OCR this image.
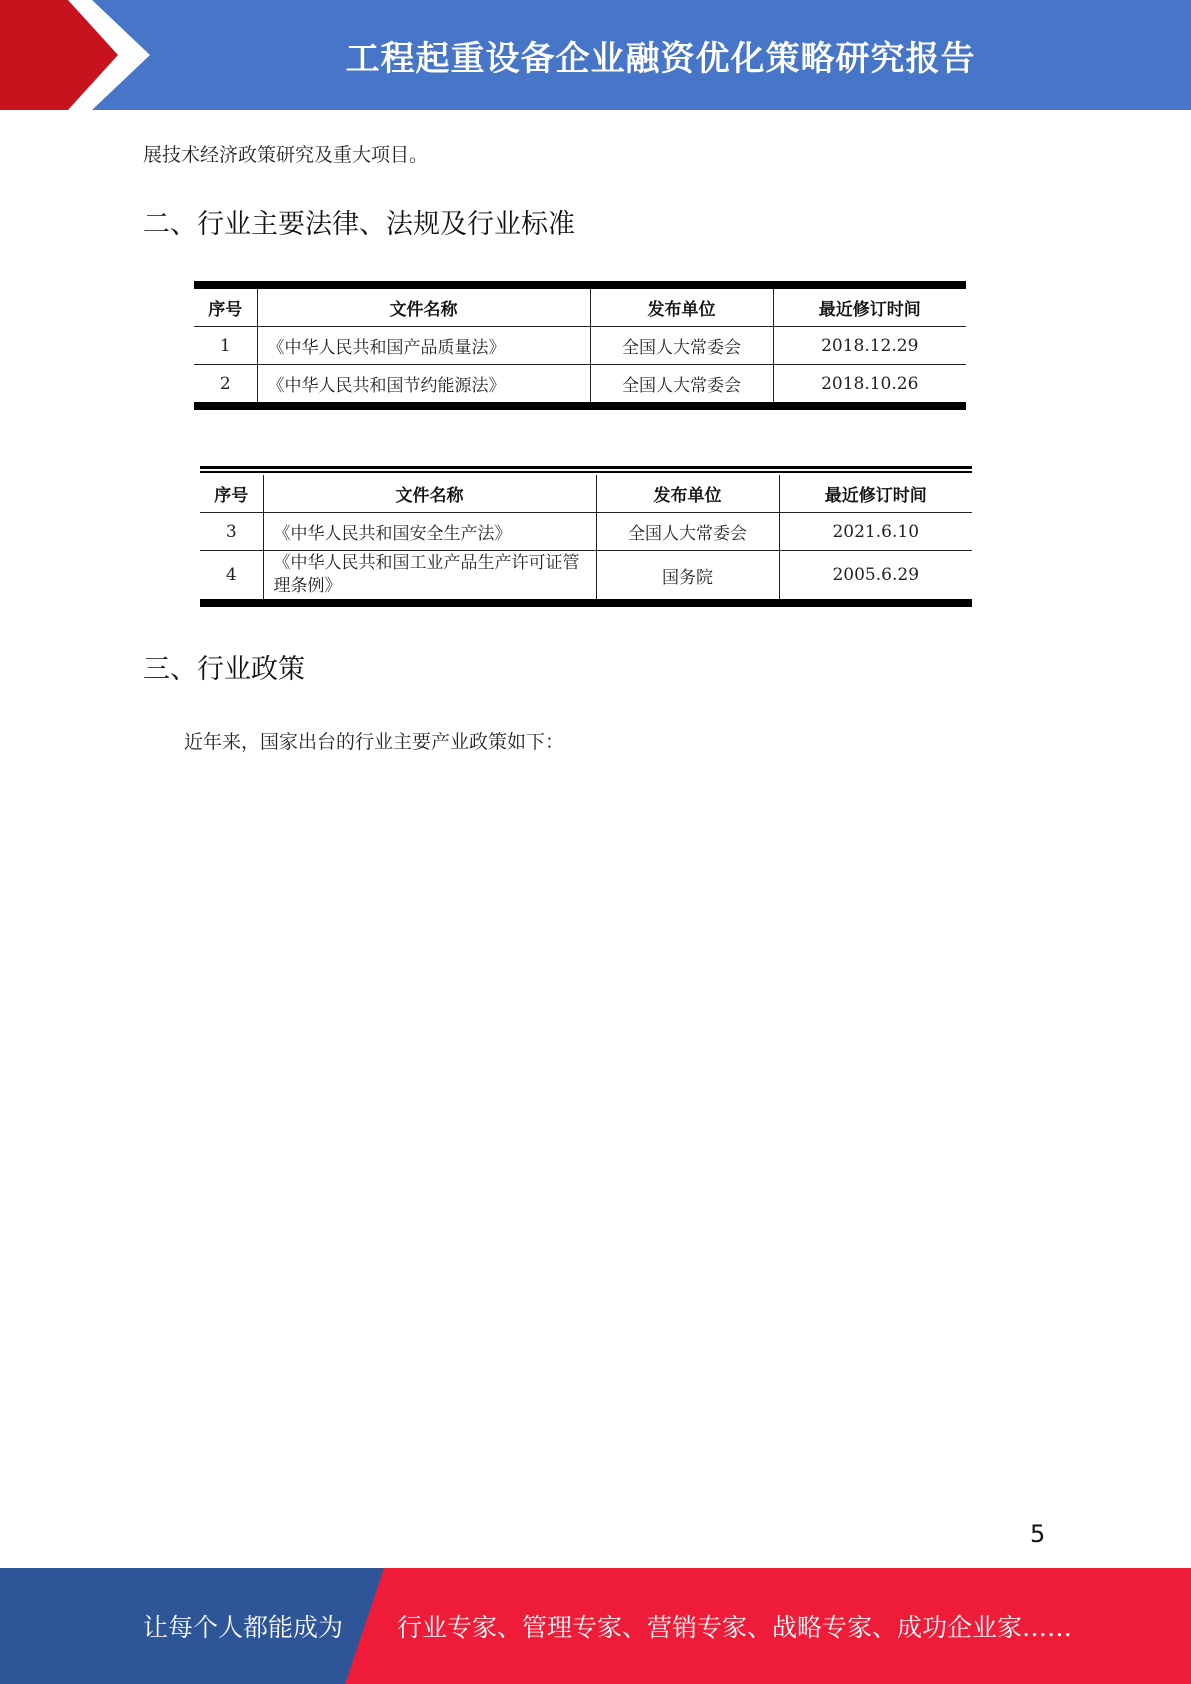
工程起重设备企业融资优化策略研究报告
展技术经济政策研究及重大项目。
二、行业主要法律、法规及行业标准
序号	文件名称	发布单位	最近修订时间
1	《中华人民共和国产品质量法》	全国人大常委会	2018.12.29
2	《中华人民共和国节约能源法》	全国人大常委会	2018.10.26
序号	文件名称	发布单位	最近修订时间
3	《中华人民共和国安全生产法》	全国人大常委会	2021.6.10
4	《中华人民共和国工业产品生产许可证管理条例》	国务院	2005.6.29
三、行业政策
近年来，国家出台的行业主要产业政策如下：
5
让每个人都能成为 行业专家、管理专家、营销专家、战略专家、成功企业家……
